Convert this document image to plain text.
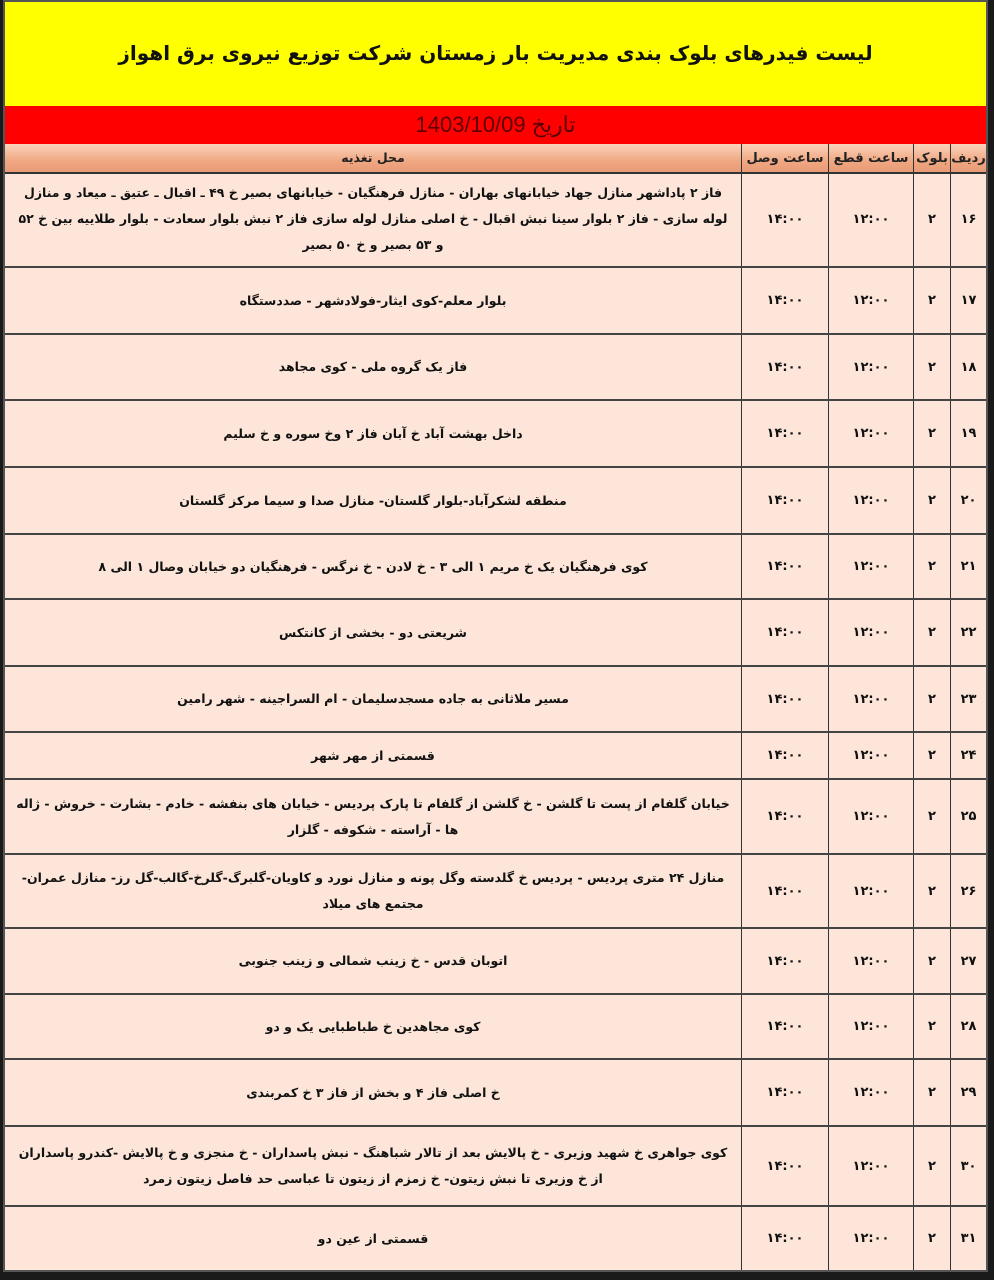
لیست فیدرهای بلوک بندی مدیریت بار زمستان شرکت توزیع نیروی برق اهواز
تاریخ 1403/10/09
ردیف
بلوک
ساعت قطع
ساعت وصل
محل تغذیه
۱۶
۲
۱۲:۰۰
۱۴:۰۰
فاز ۲ پاداشهر منازل جهاد خیابانهای بهاران - منازل فرهنگیان - خیابانهای بصیر خ ۴۹ ـ اقبال ـ عتیق ـ میعاد و منازل لوله سازی - فاز ۲ بلوار سینا نبش اقبال - خ اصلی منازل لوله سازی فاز ۲ نبش بلوار سعادت - بلوار طلاییه بین خ ۵۲ و ۵۳ بصیر و خ ۵۰ بصیر
۱۷
۲
۱۲:۰۰
۱۴:۰۰
بلوار معلم-کوی ایثار-فولادشهر - صددستگاه
۱۸
۲
۱۲:۰۰
۱۴:۰۰
فاز یک گروه ملی - کوی مجاهد
۱۹
۲
۱۲:۰۰
۱۴:۰۰
داخل بهشت آباد خ آبان فاز ۲ وخ سوره و خ سلیم
۲۰
۲
۱۲:۰۰
۱۴:۰۰
منطقه لشکرآباد-بلوار گلستان- منازل صدا و سیما مرکز گلستان
۲۱
۲
۱۲:۰۰
۱۴:۰۰
کوی فرهنگیان یک خ مریم ۱ الی ۳ - خ لادن - خ نرگس - فرهنگیان دو خیابان وصال ۱ الی ۸
۲۲
۲
۱۲:۰۰
۱۴:۰۰
شریعتی دو - بخشی از کانتکس
۲۳
۲
۱۲:۰۰
۱۴:۰۰
مسیر ملاثانی به جاده مسجدسلیمان - ام السراجینه - شهر رامین
۲۴
۲
۱۲:۰۰
۱۴:۰۰
قسمتی از مهر شهر
۲۵
۲
۱۲:۰۰
۱۴:۰۰
خیابان گلفام از پست تا گلشن - خ گلشن از گلفام تا پارک پردیس - خیابان های بنفشه - خادم - بشارت - خروش - ژاله ها - آراسته - شکوفه - گلزار
۲۶
۲
۱۲:۰۰
۱۴:۰۰
منازل ۲۴ متری پردیس - پردیس خ گلدسته وگل پونه و منازل نورد و کاویان-گلبرگ-گلرخ-گالب-گل رز- منازل عمران-مجتمع های میلاد
۲۷
۲
۱۲:۰۰
۱۴:۰۰
اتوبان قدس - خ زینب شمالی و زینب جنوبی
۲۸
۲
۱۲:۰۰
۱۴:۰۰
کوی مجاهدین خ طباطبایی یک و دو
۲۹
۲
۱۲:۰۰
۱۴:۰۰
خ اصلی فاز ۴ و بخش از فاز ۳ خ کمربندی
۳۰
۲
۱۲:۰۰
۱۴:۰۰
کوی جواهری خ شهید وزیری - خ پالایش بعد از تالار شباهنگ - نبش پاسداران - خ منجزی و خ پالایش -کندرو پاسداران از خ وزیری تا نبش زیتون- خ زمزم از زیتون تا عباسی حد فاصل زیتون زمرد
۳۱
۲
۱۲:۰۰
۱۴:۰۰
قسمتی از عین دو
